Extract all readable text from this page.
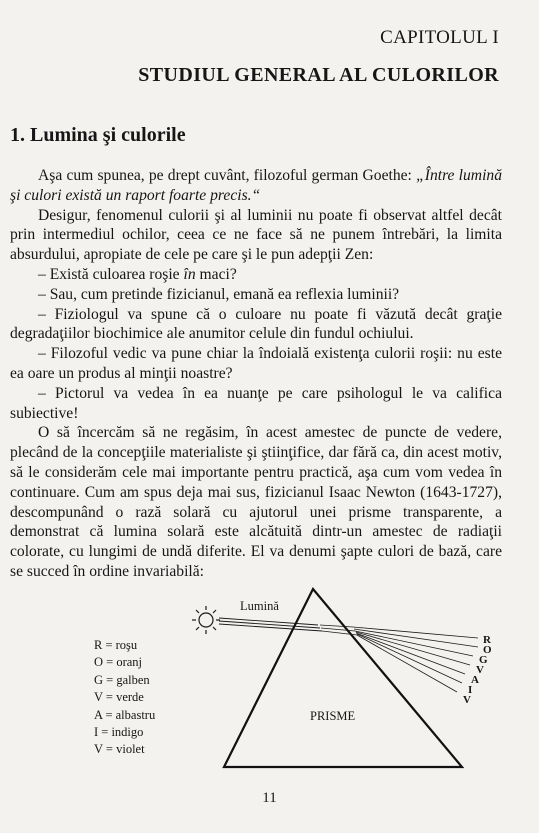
CAPITOLUL I
STUDIUL GENERAL AL CULORILOR
1. Lumina şi culorile

Aşa cum spunea, pe drept cuvânt, filozoful german Goethe: „Între lumină şi culori există un raport foarte precis.“

Desigur, fenomenul culorii şi al luminii nu poate fi observat altfel decât prin intermediul ochilor, ceea ce ne face să ne punem întrebări, la limita absurdului, apropiate de cele pe care şi le pun adepţii Zen:

– Există culoarea roşie în maci?

– Sau, cum pretinde fizicianul, emană ea reflexia luminii?

– Fiziologul va spune că o culoare nu poate fi văzută decât graţie degradaţiilor biochimice ale anumitor celule din fundul ochiului.

– Filozoful vedic va pune chiar la îndoială existenţa culorii roşii: nu este ea oare un produs al minţii noastre?

– Pictorul va vedea în ea nuanţe pe care psihologul le va califica subiective!

O să încercăm să ne regăsim, în acest amestec de puncte de vedere, plecând de la concepţiile materialiste şi ştiinţifice, dar fără ca, din acest motiv, să le considerăm cele mai importante pentru practică, aşa cum vom vedea în continuare. Cum am spus deja mai sus, fizicianul Isaac Newton (1643-1727), descompunând o rază solară cu ajutorul unei prisme transparente, a demonstrat că lumina solară este alcătuită dintr-un amestec de radiaţii colorate, cu lungimi de undă diferite. El va denumi şapte culori de bază, care se succed în ordine invariabilă:

Lumină
R
O
G
V
A
I
V
PRISME
R = roşu
O = oranj
G = galben
V = verde
A = albastru
I = indigo
V = violet
11
